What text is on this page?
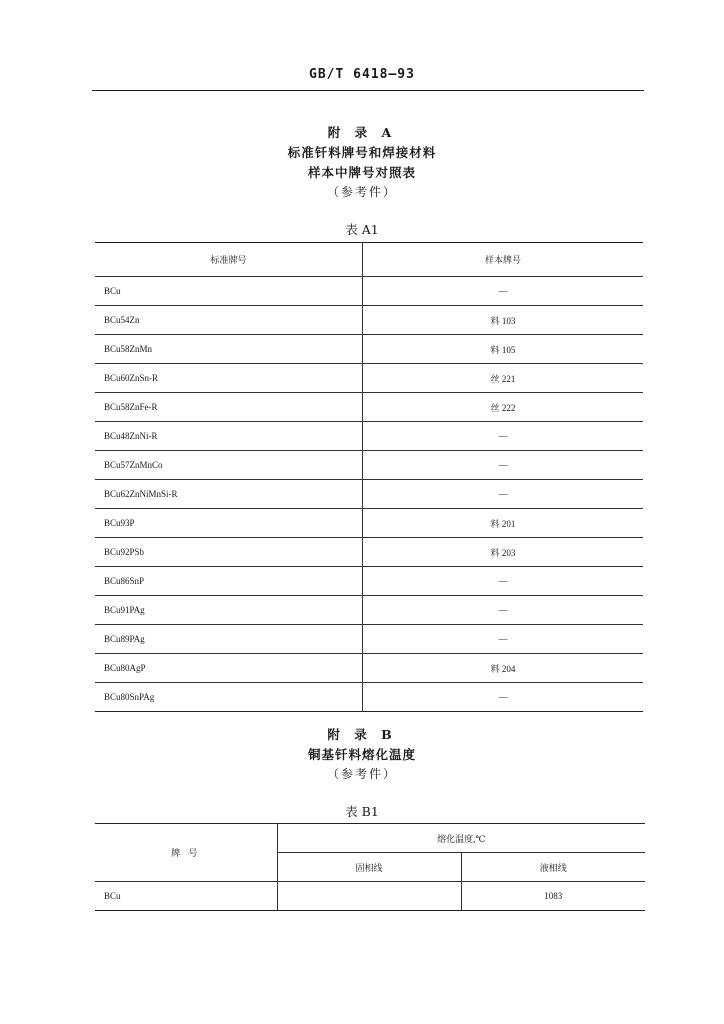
GB/T 6418—93
附 录 A
标准钎料牌号和焊接材料
样本中牌号对照表
（参考件）
表 A1
标准牌号	样本牌号
BCu	—
BCu54Zn	料 103
BCu58ZnMn	料 105
BCu60ZnSn-R	丝 221
BCu58ZnFe-R	丝 222
BCu48ZnNi-R	—
BCu57ZnMnCo	—
BCu62ZnNiMnSi-R	—
BCu93P	料 201
BCu92PSb	料 203
BCu86SnP	—
BCu91PAg	—
BCu89PAg	—
BCu80AgP	料 204
BCu80SnPAg	—
附 录 B
铜基钎料熔化温度
（参考件）
表 B1
牌 号	熔化温度,℃	
	固相线	液相线
BCu		1083
